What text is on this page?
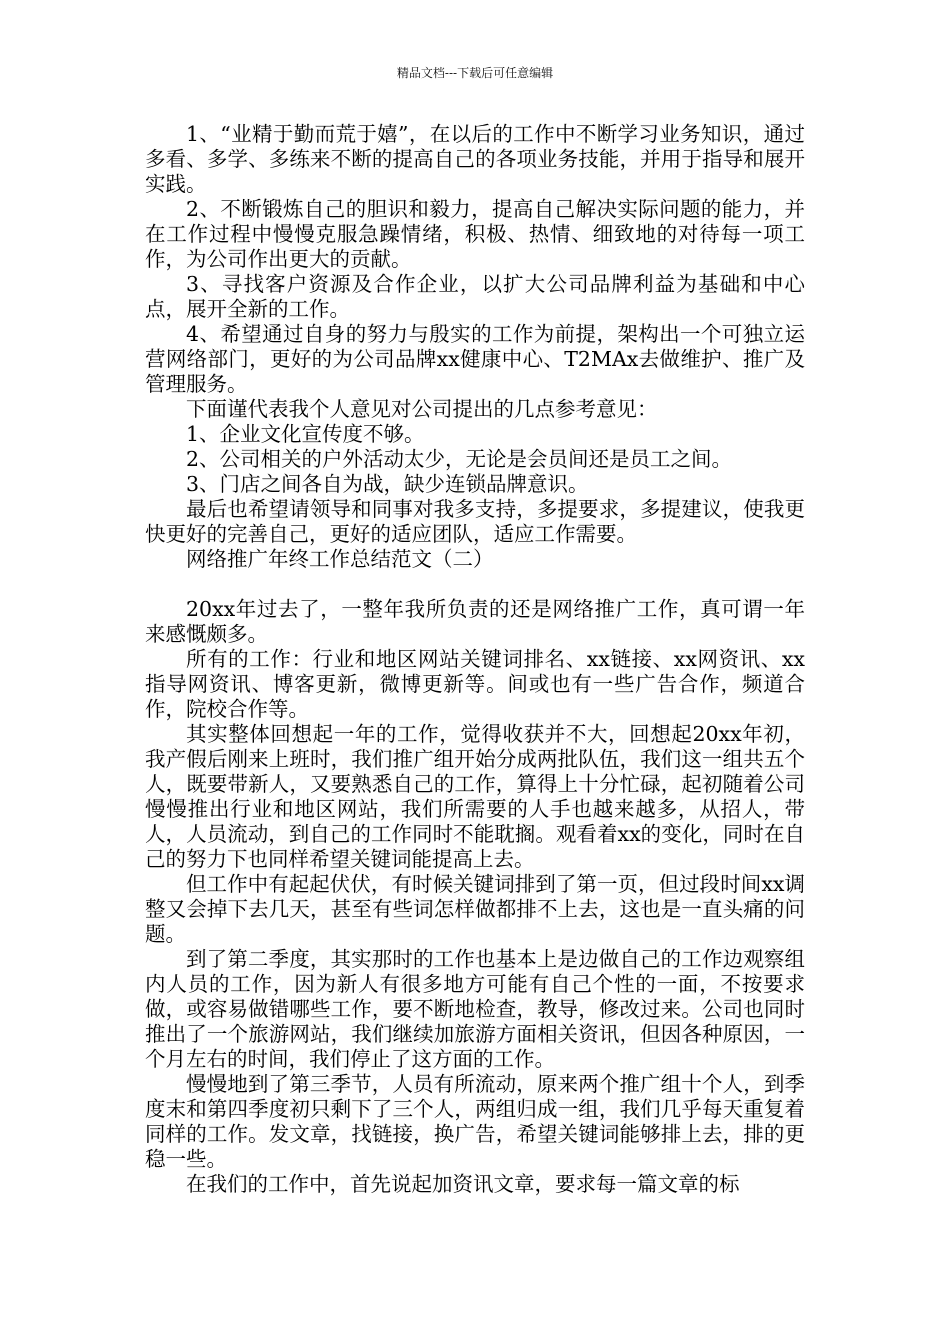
精品文档---下载后可任意编辑

1、“业精于勤而荒于嬉”，在以后的工作中不断学习业务知识，通过多看、多学、多练来不断的提高自己的各项业务技能，并用于指导和展开实践。

2、不断锻炼自己的胆识和毅力，提高自己解决实际问题的能力，并在工作过程中慢慢克服急躁情绪，积极、热情、细致地的对待每一项工作，为公司作出更大的贡献。

3、寻找客户资源及合作企业，以扩大公司品牌利益为基础和中心点，展开全新的工作。

4、希望通过自身的努力与殷实的工作为前提，架构出一个可独立运营网络部门，更好的为公司品牌xx健康中心、T2MAx去做维护、推广及管理服务。

下面谨代表我个人意见对公司提出的几点参考意见：

1、企业文化宣传度不够。

2、公司相关的户外活动太少，无论是会员间还是员工之间。

3、门店之间各自为战，缺少连锁品牌意识。

最后也希望请领导和同事对我多支持，多提要求，多提建议，使我更快更好的完善自己，更好的适应团队，适应工作需要。

网络推广年终工作总结范文（二）

20xx年过去了，一整年我所负责的还是网络推广工作，真可谓一年来感慨颇多。

所有的工作：行业和地区网站关键词排名、xx链接、xx网资讯、xx指导网资讯、博客更新，微博更新等。间或也有一些广告合作，频道合作，院校合作等。

其实整体回想起一年的工作，觉得收获并不大，回想起20xx年初，我产假后刚来上班时，我们推广组开始分成两批队伍，我们这一组共五个人，既要带新人，又要熟悉自己的工作，算得上十分忙碌，起初随着公司慢慢推出行业和地区网站，我们所需要的人手也越来越多，从招人，带人，人员流动，到自己的工作同时不能耽搁。观看着xx的变化，同时在自己的努力下也同样希望关键词能提高上去。

但工作中有起起伏伏，有时候关键词排到了第一页，但过段时间xx调整又会掉下去几天，甚至有些词怎样做都排不上去，这也是一直头痛的问题。

到了第二季度，其实那时的工作也基本上是边做自己的工作边观察组内人员的工作，因为新人有很多地方可能有自己个性的一面，不按要求做，或容易做错哪些工作，要不断地检查，教导，修改过来。公司也同时推出了一个旅游网站，我们继续加旅游方面相关资讯，但因各种原因，一个月左右的时间，我们停止了这方面的工作。

慢慢地到了第三季节，人员有所流动，原来两个推广组十个人，到季度末和第四季度初只剩下了三个人，两组归成一组，我们几乎每天重复着同样的工作。发文章，找链接，换广告，希望关键词能够排上去，排的更稳一些。

在我们的工作中，首先说起加资讯文章，要求每一篇文章的标
